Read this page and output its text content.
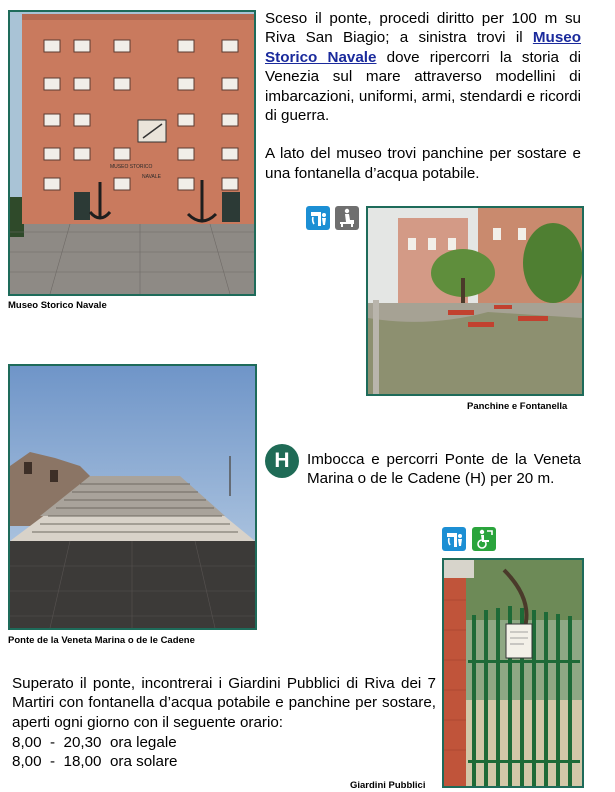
MUSEO STORICO
NAVALE
Museo Storico Navale

Sceso il ponte, procedi diritto per 100 m su Riva San Biagio; a sinistra trovi il Museo Storico Navale dove ripercorri la storia di Venezia sul mare attraverso modellini di imbarcazioni, uniformi, armi, stendardi e ricordi di guerra.

A lato del museo trovi panchine per sostare e una fontanella d’acqua potabile.

Panchine e Fontanella
Ponte de la Veneta Marina o de le Cadene
H	Imbocca e percorri Ponte de la Veneta Marina o de le Cadene (H) per 20 m.
Giardini Pubblici
Superato il ponte, incontrerai i Giardini Pubblici di Riva dei 7 Martiri con fontanella d’acqua potabile e panchine per sostare, aperti ogni giorno con il seguente orario:
8,00  -  20,30  ora legale
8,00  -  18,00  ora solare
